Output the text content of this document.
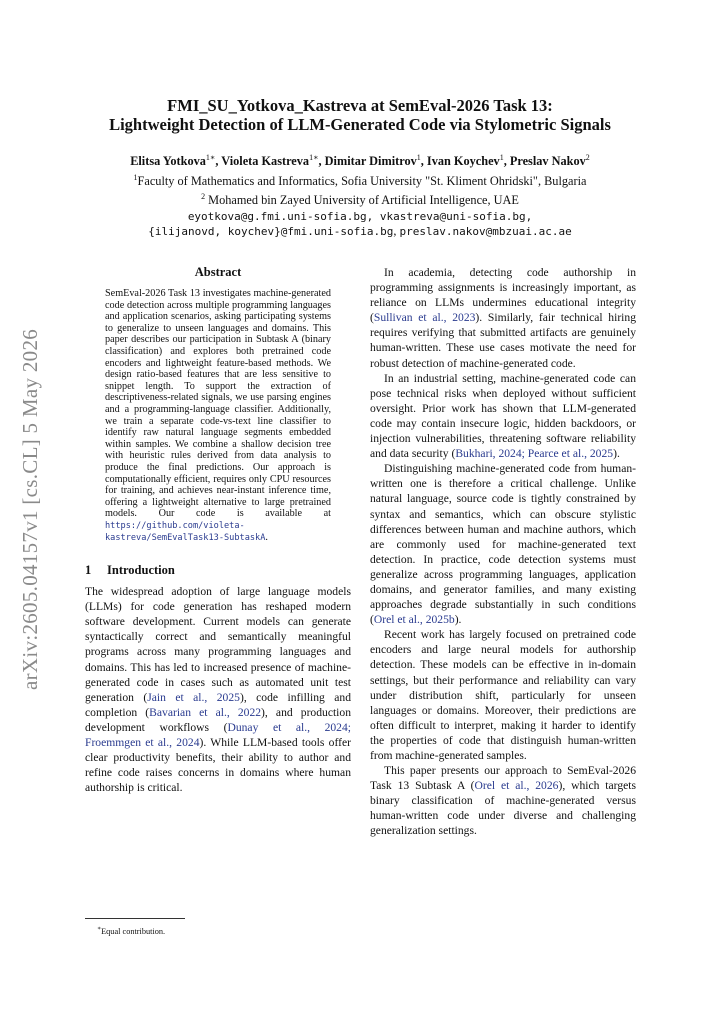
arXiv:2605.04157v1 [cs.CL] 5 May 2026
FMI_SU_Yotkova_Kastreva at SemEval-2026 Task 13:
Lightweight Detection of LLM-Generated Code via Stylometric Signals
Elitsa Yotkova$^{1∗}$, Violeta Kastreva$^{1∗}$, Dimitar Dimitrov$^1$, Ivan Koychev$^1$, Preslav Nakov$^2$
$^1$Faculty of Mathematics and Informatics, Sofia University "St. Kliment Ohridski", Bulgaria
$^2$ Mohamed bin Zayed University of Artificial Intelligence, UAE
eyotkova@g.fmi.uni-sofia.bg, vkastreva@uni-sofia.bg,
{ilijanovd, koychev}@fmi.uni-sofia.bg, preslav.nakov@mbzuai.ac.ae
Abstract
SemEval-2026 Task 13 investigates machine-generated code detection across multiple programming languages and application scenarios, asking participating systems to generalize to unseen languages and domains. This paper describes our participation in Subtask A (binary classification) and explores both pretrained code encoders and lightweight feature-based methods. We design ratio-based features that are less sensitive to snippet length. To support the extraction of descriptiveness-related signals, we use parsing engines and a programming-language classifier. Additionally, we train a separate code-vs-text line classifier to identify raw natural language segments embedded within samples. We combine a shallow decision tree with heuristic rules derived from data analysis to produce the final predictions. Our approach is computationally efficient, requires only CPU resources for training, and achieves near-instant inference time, offering a lightweight alternative to large pretrained models. Our code is available at https://github.com/violeta-kastreva/SemEvalTask13-SubtaskA.
1 Introduction

The widespread adoption of large language models (LLMs) for code generation has reshaped modern software development. Current models can generate syntactically correct and semantically meaningful programs across many programming languages and domains. This has led to increased presence of machine-generated code in cases such as automated unit test generation (Jain et al., 2025), code infilling and completion (Bavarian et al., 2022), and production development workflows (Dunay et al., 2024; Froemmgen et al., 2024). While LLM-based tools offer clear productivity benefits, their ability to author and refine code raises concerns in domains where human authorship is critical.

In academia, detecting code authorship in programming assignments is increasingly important, as reliance on LLMs undermines educational integrity (Sullivan et al., 2023). Similarly, fair technical hiring requires verifying that submitted artifacts are genuinely human-written. These use cases motivate the need for robust detection of machine-generated code.

In an industrial setting, machine-generated code can pose technical risks when deployed without sufficient oversight. Prior work has shown that LLM-generated code may contain insecure logic, hidden backdoors, or injection vulnerabilities, threatening software reliability and data security (Bukhari, 2024; Pearce et al., 2025).

Distinguishing machine-generated code from human-written one is therefore a critical challenge. Unlike natural language, source code is tightly constrained by syntax and semantics, which can obscure stylistic differences between human and machine authors, which are commonly used for machine-generated text detection. In practice, code detection systems must generalize across programming languages, application domains, and generator families, and many existing approaches degrade substantially in such conditions (Orel et al., 2025b).

Recent work has largely focused on pretrained code encoders and large neural models for authorship detection. These models can be effective in in-domain settings, but their performance and reliability can vary under distribution shift, particularly for unseen languages or domains. Moreover, their predictions are often difficult to interpret, making it harder to identify the properties of code that distinguish human-written from machine-generated samples.

This paper presents our approach to SemEval-2026 Task 13 Subtask A (Orel et al., 2026), which targets binary classification of machine-generated versus human-written code under diverse and challenging generalization settings.

∗Equal contribution.
